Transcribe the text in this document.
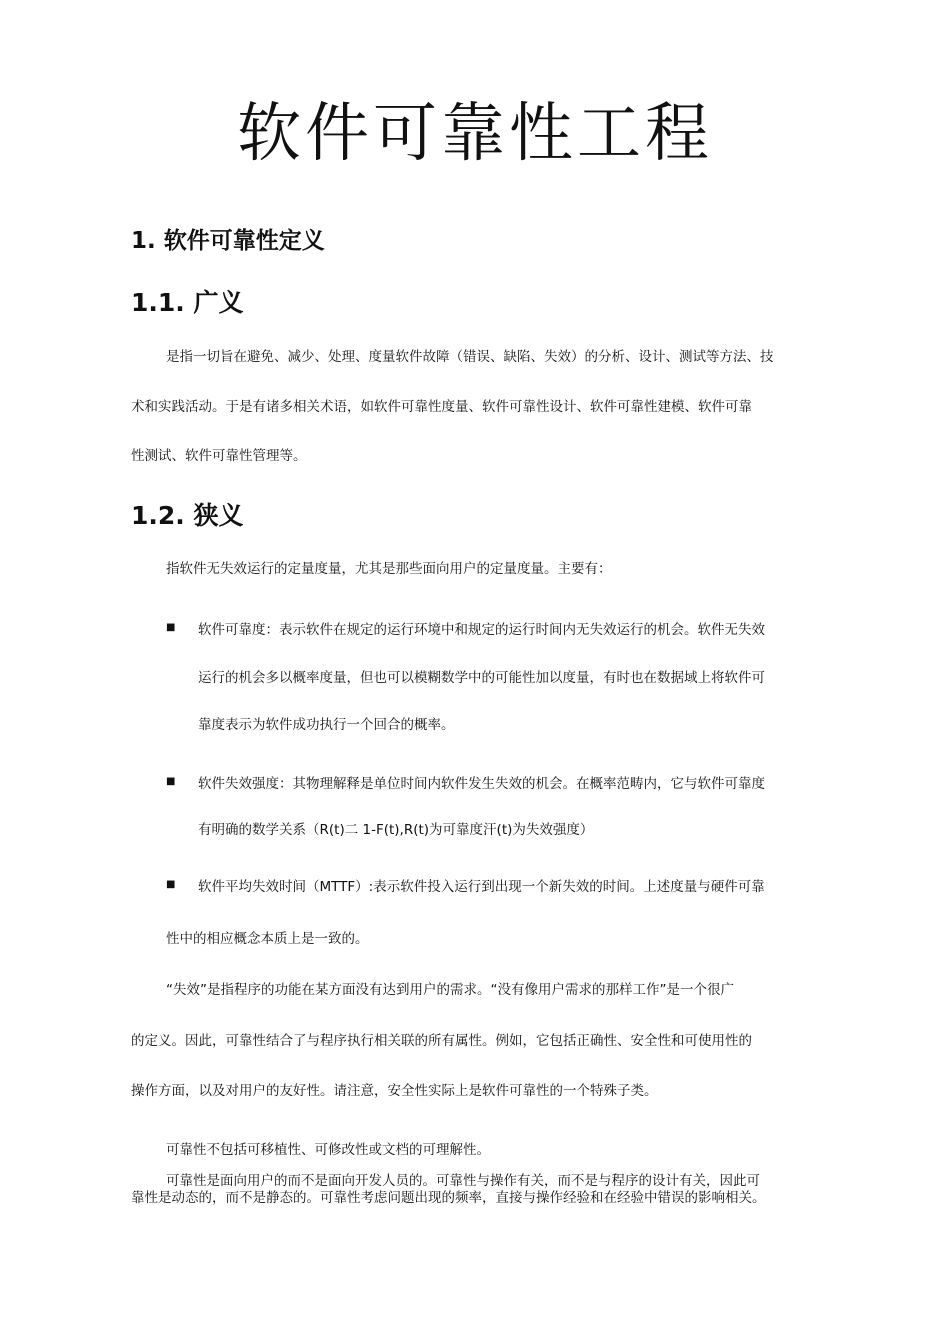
软件可靠性工程
1. 软件可靠性定义
1.1. 广义
是指一切旨在避免、减少、处理、度量软件故障（错误、缺陷、失效）的分析、设计、测试等方法、技
术和实践活动。于是有诸多相关术语，如软件可靠性度量、软件可靠性设计、软件可靠性建模、软件可靠
性测试、软件可靠性管理等。
1.2. 狭义
指软件无失效运行的定量度量，尤其是那些面向用户的定量度量。主要有：
■ 软件可靠度：表示软件在规定的运行环境中和规定的运行时间内无失效运行的机会。软件无失效
运行的机会多以概率度量，但也可以模糊数学中的可能性加以度量，有时也在数据域上将软件可
靠度表示为软件成功执行一个回合的概率。
■ 软件失效强度：其物理解释是单位时间内软件发生失效的机会。在概率范畴内，它与软件可靠度
有明确的数学关系（R(t)二 1-F(t),R(t)为可靠度汗(t)为失效强度）
■ 软件平均失效时间（MTTF）:表示软件投入运行到出现一个新失效的时间。上述度量与硬件可靠
性中的相应概念本质上是一致的。
“失效”是指程序的功能在某方面没有达到用户的需求。“没有像用户需求的那样工作”是一个很广
的定义。因此，可靠性结合了与程序执行相关联的所有属性。例如，它包括正确性、安全性和可使用性的
操作方面，以及对用户的友好性。请注意，安全性实际上是软件可靠性的一个特殊子类。
可靠性不包括可移植性、可修改性或文档的可理解性。
可靠性是面向用户的而不是面向开发人员的。可靠性与操作有关，而不是与程序的设计有关，因此可
靠性是动态的，而不是静态的。可靠性考虑问题出现的频率，直接与操作经验和在经验中错误的影响相关。
